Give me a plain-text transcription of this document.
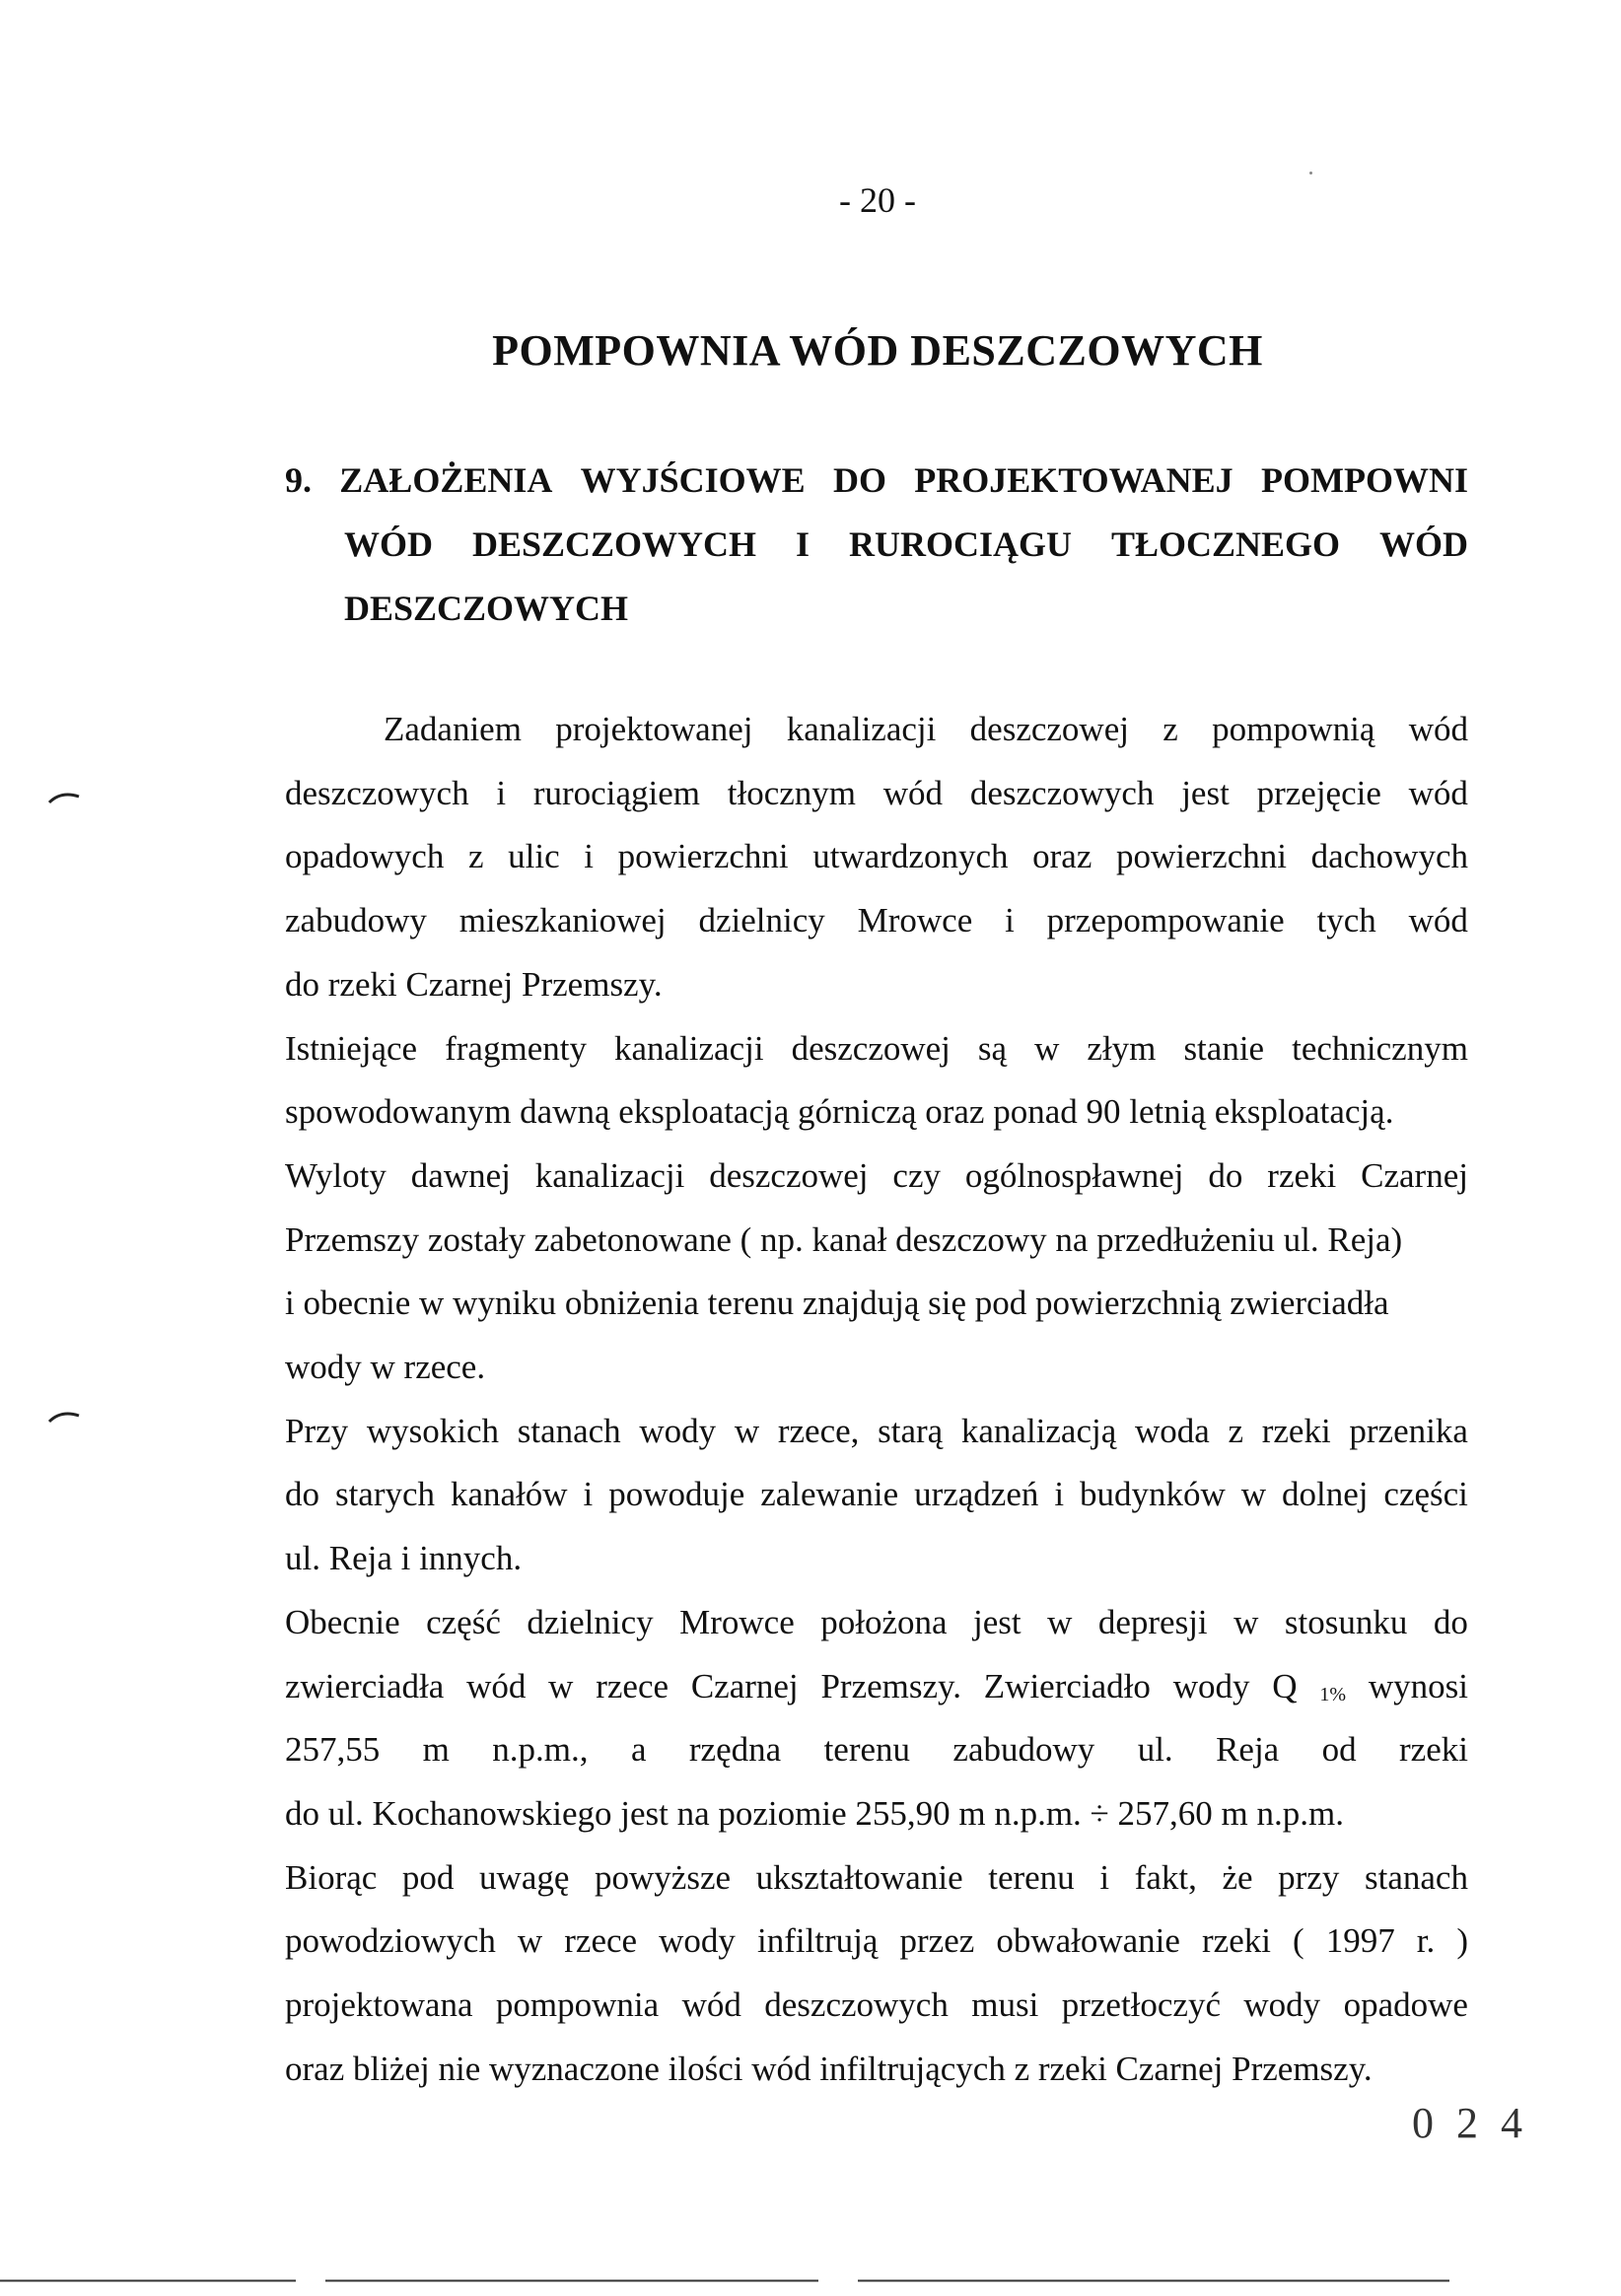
- 20 -
POMPOWNIA WÓD DESZCZOWYCH
9. ZAŁOŻENIA WYJŚCIOWE DO PROJEKTOWANEJ POMPOWNI
WÓD DESZCZOWYCH I RUROCIĄGU TŁOCZNEGO WÓD
DESZCZOWYCH
Zadaniem projektowanej kanalizacji deszczowej z pompownią wód
deszczowych i rurociągiem tłocznym wód deszczowych jest przejęcie wód
opadowych z ulic i powierzchni utwardzonych oraz powierzchni dachowych
zabudowy mieszkaniowej dzielnicy Mrowce i przepompowanie tych wód
do rzeki Czarnej Przemszy.
Istniejące fragmenty kanalizacji deszczowej są w złym stanie technicznym
spowodowanym dawną eksploatacją górniczą oraz ponad 90 letnią eksploatacją.
Wyloty dawnej kanalizacji deszczowej czy ogólnospławnej do rzeki Czarnej
Przemszy zostały zabetonowane ( np. kanał deszczowy na przedłużeniu ul. Reja)
i obecnie w wyniku obniżenia terenu znajdują się pod powierzchnią zwierciadła
wody w rzece.
Przy wysokich stanach wody w rzece, starą kanalizacją woda z rzeki przenika
do starych kanałów i powoduje zalewanie urządzeń i budynków w dolnej części
ul. Reja i innych.
Obecnie część dzielnicy Mrowce położona jest w depresji w stosunku do
zwierciadła wód w rzece Czarnej Przemszy. Zwierciadło wody Q 1% wynosi
257,55 m n.p.m., a rzędna terenu zabudowy ul. Reja od rzeki
do ul. Kochanowskiego jest na poziomie 255,90 m n.p.m. ÷ 257,60 m n.p.m.
Biorąc pod uwagę powyższe ukształtowanie terenu i fakt, że przy stanach
powodziowych w rzece wody infiltrują przez obwałowanie rzeki ( 1997 r. )
projektowana pompownia wód deszczowych musi przetłoczyć wody opadowe
oraz bliżej nie wyznaczone ilości wód infiltrujących z rzeki Czarnej Przemszy.
0 2 4
